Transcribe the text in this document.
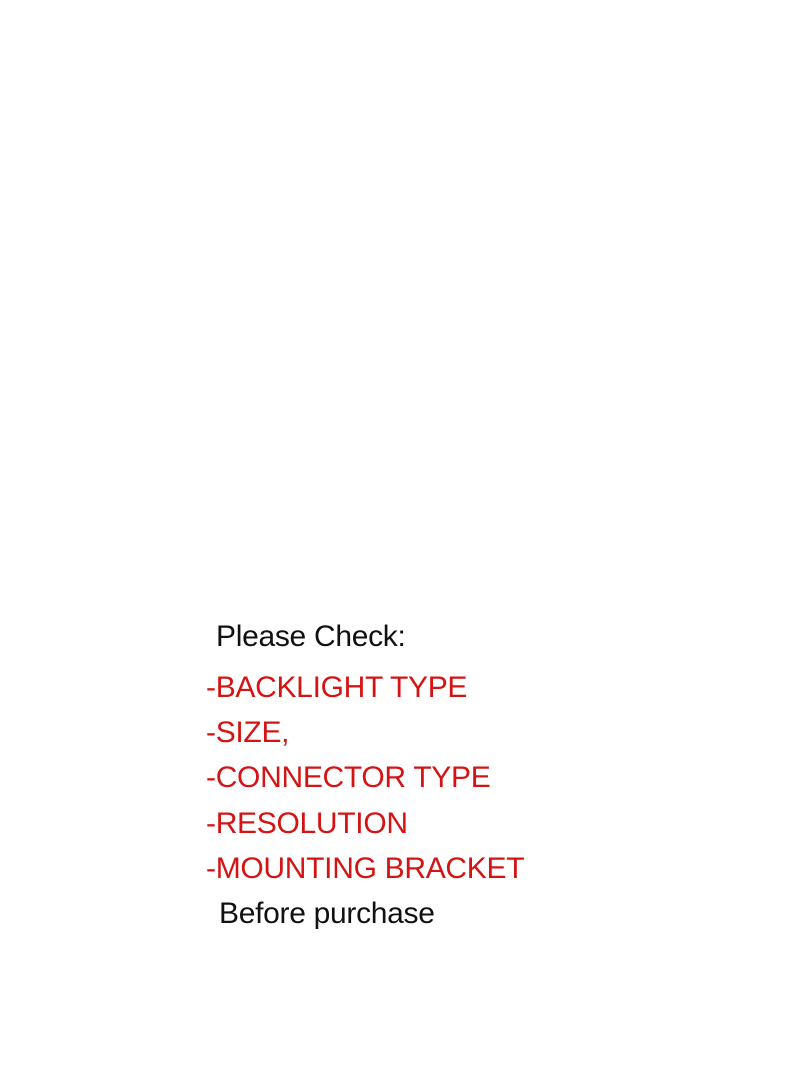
Please Check:
-BACKLIGHT TYPE
-SIZE,
-CONNECTOR TYPE
-RESOLUTION
-MOUNTING BRACKET
Before purchase
